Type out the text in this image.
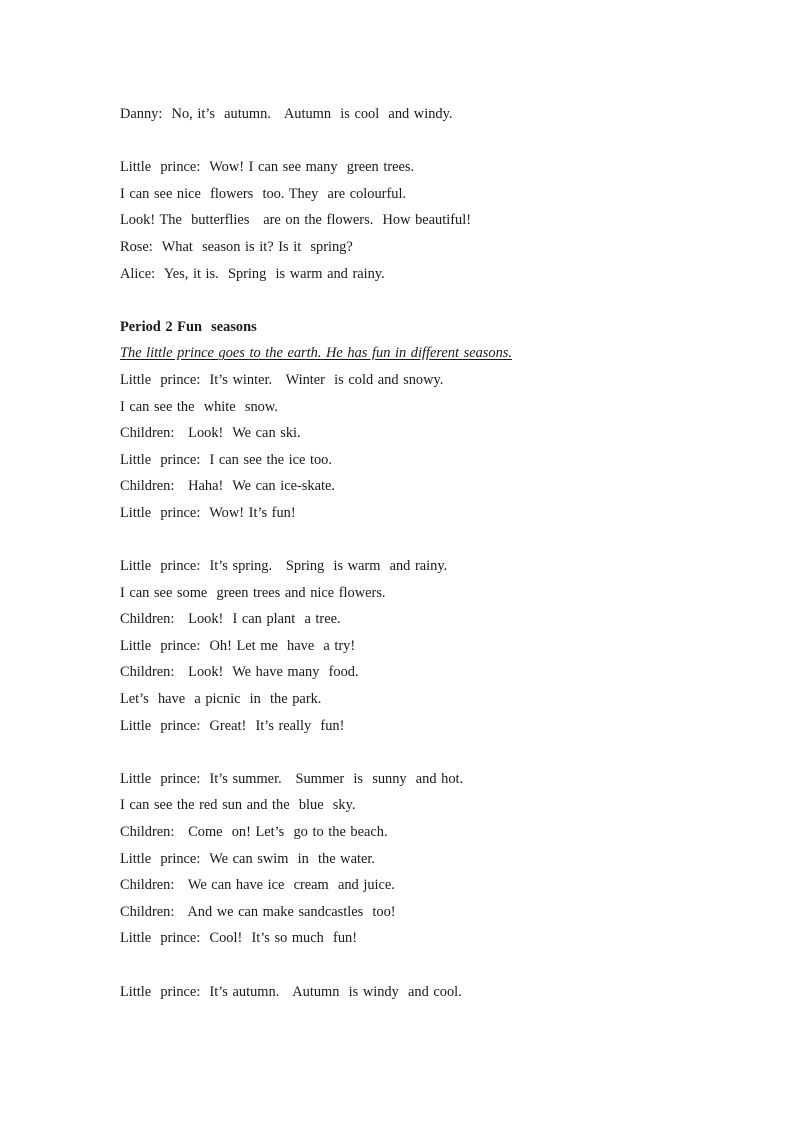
Danny:  No, it’s  autumn.   Autumn  is cool  and windy.
Little  prince:  Wow! I can see many  green trees.
I can see nice  flowers  too. They  are colourful.
Look! The  butterflies   are on the flowers.  How beautiful!
Rose:  What  season is it? Is it  spring?
Alice:  Yes, it is.  Spring  is warm and rainy.
Period 2 Fun  seasons
The little prince goes to the earth. He has fun in different seasons.
Little  prince:  It’s winter.   Winter  is cold and snowy.
I can see the  white  snow.
Children:   Look!  We can ski.
Little  prince:  I can see the ice too.
Children:   Haha!  We can ice-skate.
Little  prince:  Wow! It’s fun!
Little  prince:  It’s spring.   Spring  is warm  and rainy.
I can see some  green trees and nice flowers.
Children:   Look!  I can plant  a tree.
Little  prince:  Oh! Let me  have  a try!
Children:   Look!  We have many  food.
Let’s  have  a picnic  in  the park.
Little  prince:  Great!  It’s really  fun!
Little  prince:  It’s summer.   Summer  is  sunny  and hot.
I can see the red sun and the  blue  sky.
Children:   Come  on! Let’s  go to the beach.
Little  prince:  We can swim  in  the water.
Children:   We can have ice  cream  and juice.
Children:   And we can make sandcastles  too!
Little  prince:  Cool!  It’s so much  fun!
Little  prince:  It’s autumn.   Autumn  is windy  and cool.
